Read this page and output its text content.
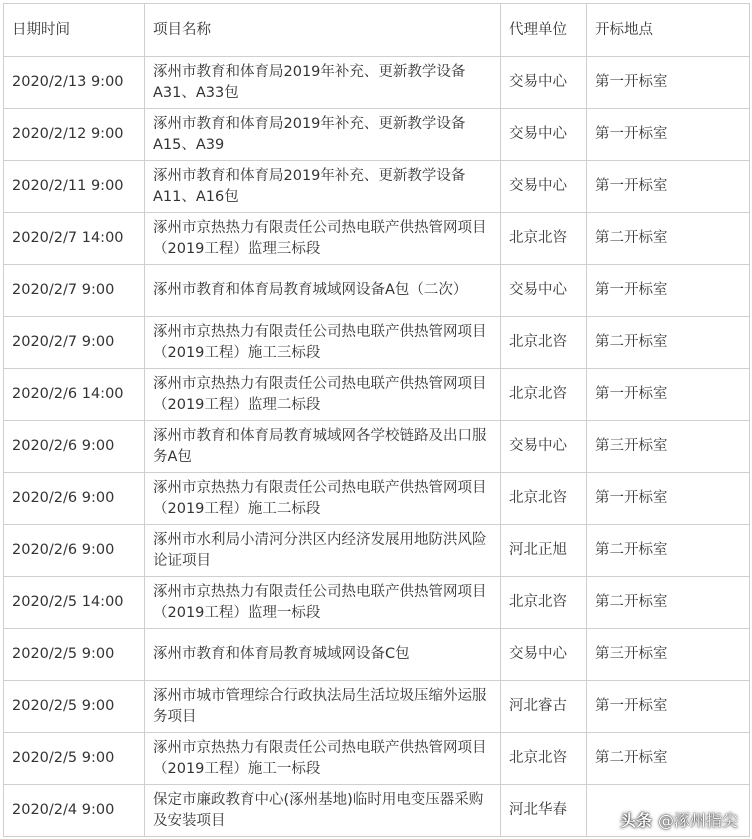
日期时间	项目名称	代理单位	开标地点
2020/2/13 9:00	涿州市教育和体育局2019年补充、更新教学设备A31、A33包	交易中心	第一开标室
2020/2/12 9:00	涿州市教育和体育局2019年补充、更新教学设备A15、A39	交易中心	第一开标室
2020/2/11 9:00	涿州市教育和体育局2019年补充、更新教学设备A11、A16包	交易中心	第一开标室
2020/2/7 14:00	涿州市京热热力有限责任公司热电联产供热管网项目（2019工程）监理三标段	北京北咨	第二开标室
2020/2/7 9:00	涿州市教育和体育局教育城域网设备A包（二次）	交易中心	第一开标室
2020/2/7 9:00	涿州市京热热力有限责任公司热电联产供热管网项目（2019工程）施工三标段	北京北咨	第二开标室
2020/2/6 14:00	涿州市京热热力有限责任公司热电联产供热管网项目（2019工程）监理二标段	北京北咨	第一开标室
2020/2/6 9:00	涿州市教育和体育局教育城域网各学校链路及出口服务A包	交易中心	第三开标室
2020/2/6 9:00	涿州市京热热力有限责任公司热电联产供热管网项目（2019工程）施工二标段	北京北咨	第一开标室
2020/2/6 9:00	涿州市水利局小清河分洪区内经济发展用地防洪风险论证项目	河北正旭	第二开标室
2020/2/5 14:00	涿州市京热热力有限责任公司热电联产供热管网项目（2019工程）监理一标段	北京北咨	第二开标室
2020/2/5 9:00	涿州市教育和体育局教育城域网设备C包	交易中心	第三开标室
2020/2/5 9:00	涿州市城市管理综合行政执法局生活垃圾压缩外运服务项目	河北睿古	第一开标室
2020/2/5 9:00	涿州市京热热力有限责任公司热电联产供热管网项目（2019工程）施工一标段	北京北咨	第二开标室
2020/2/4 9:00	保定市廉政教育中心(涿州基地)临时用电变压器采购及安装项目	河北华春	
头条 @涿州指尖
